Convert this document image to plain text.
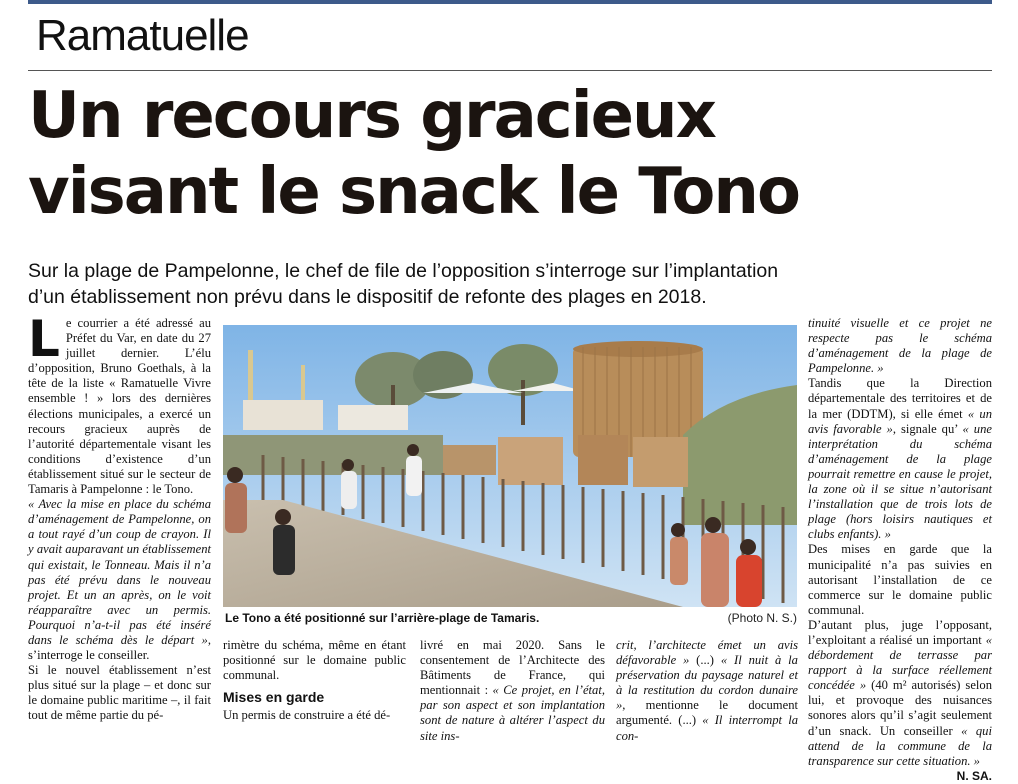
Ramatuelle
Un recours gracieux
visant le snack le Tono
Sur la plage de Pampelonne, le chef de file de l’opposition s’interroge sur l’implantation
d’un établissement non prévu dans le dispositif de refonte des plages en 2018.

Le courrier a été adressé au Préfet du Var, en date du 27 juillet dernier. L’élu d’opposition, Bruno Goethals, à la tête de la liste « Ramatuelle Vivre ensemble ! » lors des dernières élections municipales, a exercé un recours gracieux auprès de l’autorité départementale visant les conditions d’existence d’un établissement situé sur le secteur de Tamaris à Pampelonne : le Tono.

« Avec la mise en place du schéma d’aménagement de Pampelonne, on a tout rayé d’un coup de crayon. Il y avait auparavant un établissement qui existait, le Tonneau. Mais il n’a pas été prévu dans le nouveau projet. Et un an après, on le voit réapparaître avec un permis. Pourquoi n’a-t-il pas été inséré dans le schéma dès le départ », s’interroge le conseiller.

Si le nouvel établissement n’est plus situé sur la plage – et donc sur le domaine public maritime –, il fait tout de même partie du pé-

Le Tono a été positionné sur l’arrière-plage de Tamaris.	(Photo N. S.)

rimètre du schéma, même en étant positionné sur le domaine public communal.

Mises en garde

Un permis de construire a été dé-

livré en mai 2020. Sans le consentement de l’Architecte des Bâtiments de France, qui mentionnait : « Ce projet, en l’état, par son aspect et son implantation sont de nature à altérer l’aspect du site ins-

crit, l’architecte émet un avis défavorable » (...) « Il nuit à la préservation du paysage naturel et à la restitution du cordon dunaire », mentionne le document argumenté. (...) « Il interrompt la con-

tinuité visuelle et ce projet ne respecte pas le schéma d’aménagement de la plage de Pampelonne. »

Tandis que la Direction départementale des territoires et de la mer (DDTM), si elle émet « un avis favorable », signale qu’ « une interprétation du schéma d’aménagement de la plage pourrait remettre en cause le projet, la zone où il se situe n’autorisant l’installation que de trois lots de plage (hors loisirs nautiques et clubs enfants). »

Des mises en garde que la municipalité n’a pas suivies en autorisant l’installation de ce commerce sur le domaine public communal.

D’autant plus, juge l’opposant, l’exploitant a réalisé un important « débordement de terrasse par rapport à la surface réellement concédée » (40 m² autorisés) selon lui, et provoque des nuisances sonores alors qu’il s’agit seulement d’un snack. Un conseiller « qui attend de la commune de la transparence sur cette situation. »

N. SA.
